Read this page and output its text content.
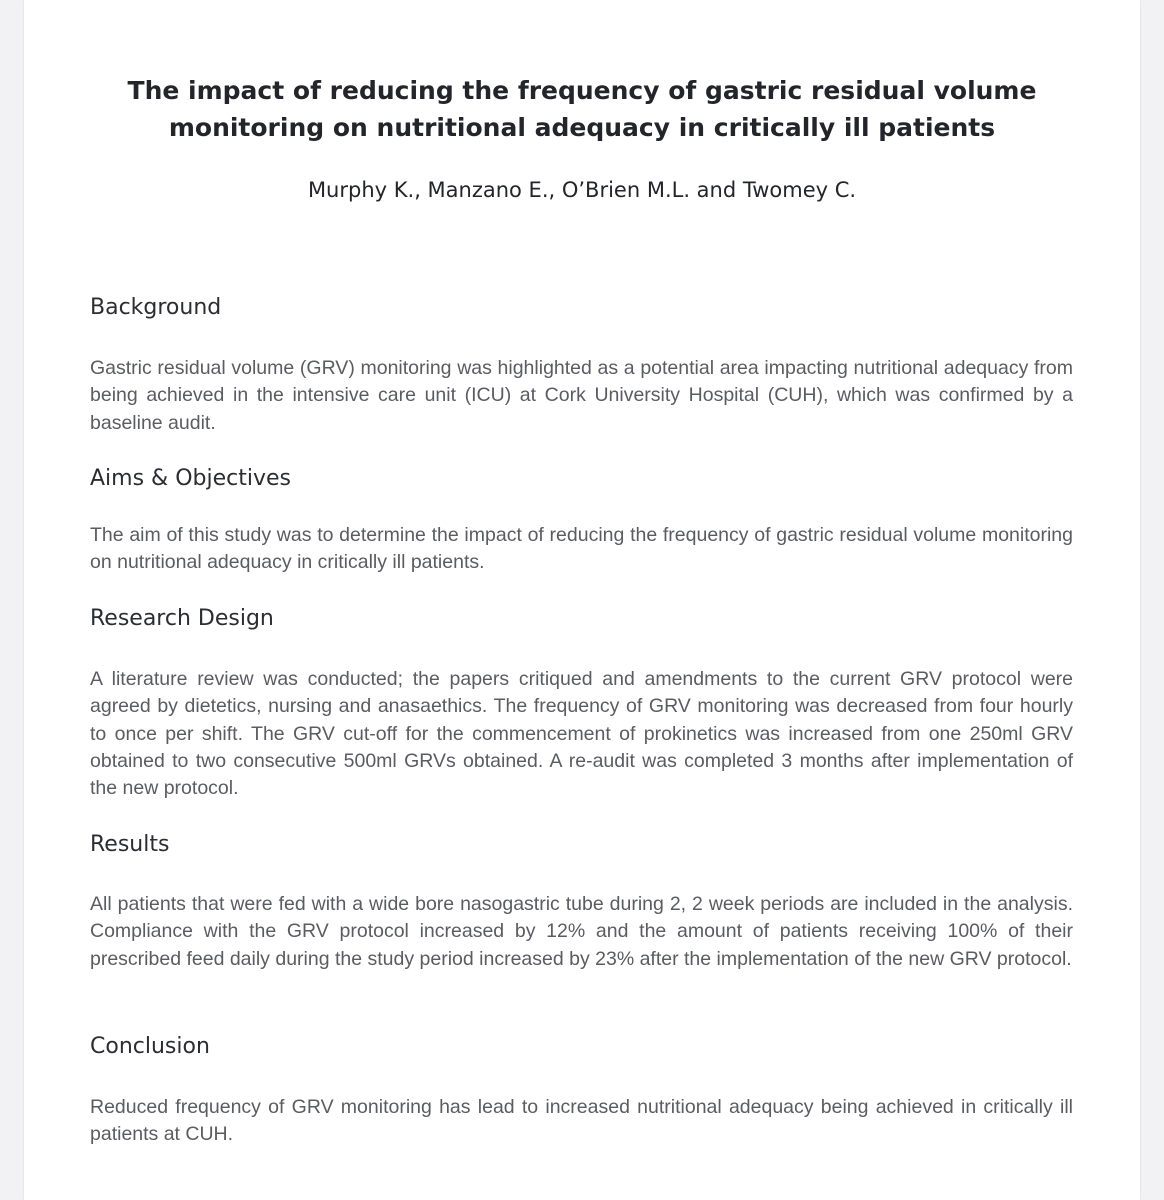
The impact of reducing the frequency of gastric residual volume monitoring on nutritional adequacy in critically ill patients

Murphy K., Manzano E., O’Brien M.L. and Twomey C.

Background

Gastric residual volume (GRV) monitoring was highlighted as a potential area impacting nutritional adequacy from being achieved in the intensive care unit (ICU) at Cork University Hospital (CUH), which was confirmed by a baseline audit.

Aims & Objectives

The aim of this study was to determine the impact of reducing the frequency of gastric residual volume monitoring on nutritional adequacy in critically ill patients.

Research Design

A literature review was conducted; the papers critiqued and amendments to the current GRV protocol were agreed by dietetics, nursing and anasaethics. The frequency of GRV monitoring was decreased from four hourly to once per shift. The GRV cut-off for the commencement of prokinetics was increased from one 250ml GRV obtained to two consecutive 500ml GRVs obtained. A re-audit was completed 3 months after implementation of the new protocol.

Results

All patients that were fed with a wide bore nasogastric tube during 2, 2 week periods are included in the analysis. Compliance with the GRV protocol increased by 12% and the amount of patients receiving 100% of their prescribed feed daily during the study period increased by 23% after the implementation of the new GRV protocol.

Conclusion

Reduced frequency of GRV monitoring has lead to increased nutritional adequacy being achieved in critically ill patients at CUH.
